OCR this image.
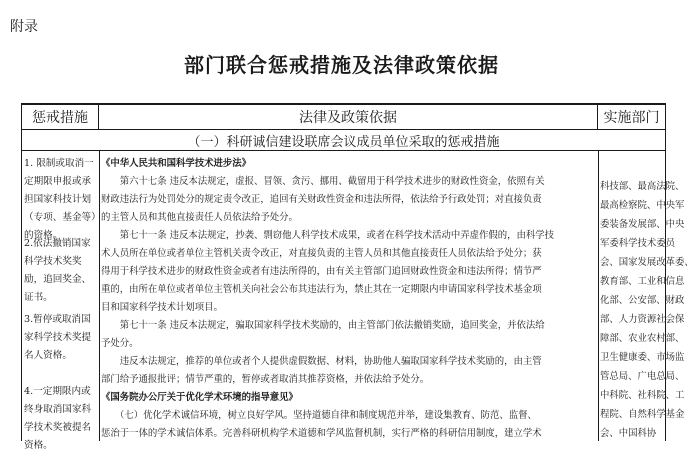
附录
部门联合惩戒措施及法律政策依据
惩戒措施	法律及政策依据	实施部门
（一）科研诚信建设联席会议成员单位采取的惩戒措施
1. 限制或取消一定期限申报或承担国家科技计划（专项、基金等）的资格。
2.依法撤销国家科学技术奖奖励，追回奖金、证书。
3.暂停或取消国家科学技术奖提名人资格。
4.一定期限内或终身取消国家科学技术奖被提名资格。
《中华人民共和国科学技术进步法》
　　第六十七条 违反本法规定，虚报、冒领、贪污、挪用、截留用于科学技术进步的财政性资金，依照有关
财政违法行为处罚处分的规定责令改正，追回有关财政性资金和违法所得，依法给予行政处罚；对直接负责
的主管人员和其他直接责任人员依法给予处分。
　　第七十一条 违反本法规定，抄袭、剽窃他人科学技术成果，或者在科学技术活动中弄虚作假的，由科学技
术人员所在单位或者单位主管机关责令改正，对直接负责的主管人员和其他直接责任人员依法给予处分；获
得用于科学技术进步的财政性资金或者有违法所得的，由有关主管部门追回财政性资金和违法所得；情节严
重的，由所在单位或者单位主管机关向社会公布其违法行为，禁止其在一定期限内申请国家科学技术基金项
目和国家科学技术计划项目。
　　第七十一条 违反本法规定，骗取国家科学技术奖励的，由主管部门依法撤销奖励，追回奖金，并依法给
予处分。
　　违反本法规定，推荐的单位或者个人提供虚假数据、材料，协助他人骗取国家科学技术奖励的，由主管
部门给予通报批评；情节严重的，暂停或者取消其推荐资格，并依法给予处分。
《国务院办公厅关于优化学术环境的指导意见》
　　（七）优化学术诚信环境，树立良好学风。坚持道德自律和制度规范并举，建设集教育、防范、监督、
惩治于一体的学术诚信体系。完善科研机构学术道德和学风监督机制，实行严格的科研信用制度，建立学术
科技部、最高法院、
最高检察院、中央军
委装备发展部、中央
军委科学技术委员
会、国家发展改革委、
教育部、工业和信息
化部、公安部、财政
部、人力资源社会保
障部、农业农村部、
卫生健康委、市场监
管总局、广电总局、
中科院、社科院、工
程院、自然科学基金
会、中国科协
